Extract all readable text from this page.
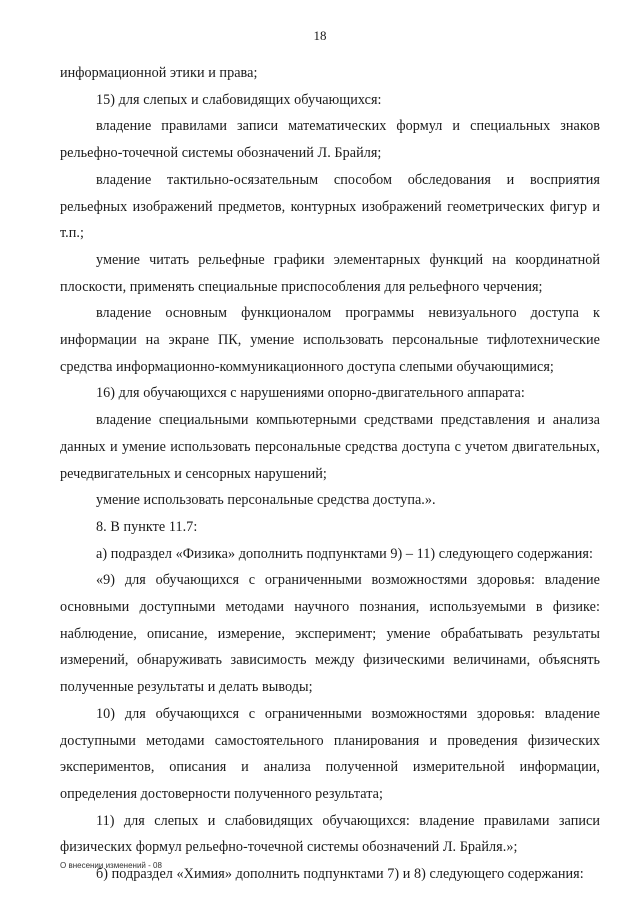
18

информационной этики и права;

15) для слепых и слабовидящих обучающихся:

владение правилами записи математических формул и специальных знаков рельефно-точечной системы обозначений Л. Брайля;

владение тактильно-осязательным способом обследования и восприятия рельефных изображений предметов, контурных изображений геометрических фигур и т.п.;

умение читать рельефные графики элементарных функций на координатной плоскости, применять специальные приспособления для рельефного черчения;

владение основным функционалом программы невизуального доступа к информации на экране ПК, умение использовать персональные тифлотехнические средства информационно-коммуникационного доступа слепыми обучающимися;

16) для обучающихся с нарушениями опорно-двигательного аппарата:

владение специальными компьютерными средствами представления и анализа данных и умение использовать персональные средства доступа с учетом двигательных, речедвигательных и сенсорных нарушений;

умение использовать персональные средства доступа.».

8. В пункте 11.7:

а) подраздел «Физика» дополнить подпунктами 9) – 11) следующего содержания:

«9) для обучающихся с ограниченными возможностями здоровья: владение основными доступными методами научного познания, используемыми в физике: наблюдение, описание, измерение, эксперимент; умение обрабатывать результаты измерений, обнаруживать зависимость между физическими величинами, объяснять полученные результаты и делать выводы;

10) для обучающихся с ограниченными возможностями здоровья: владение доступными методами самостоятельного планирования и проведения физических экспериментов, описания и анализа полученной измерительной информации, определения достоверности полученного результата;

11) для слепых и слабовидящих обучающихся: владение правилами записи физических формул рельефно-точечной системы обозначений Л. Брайля.»;

б) подраздел «Химия» дополнить подпунктами 7) и 8) следующего содержания:

О внесении изменений - 08
